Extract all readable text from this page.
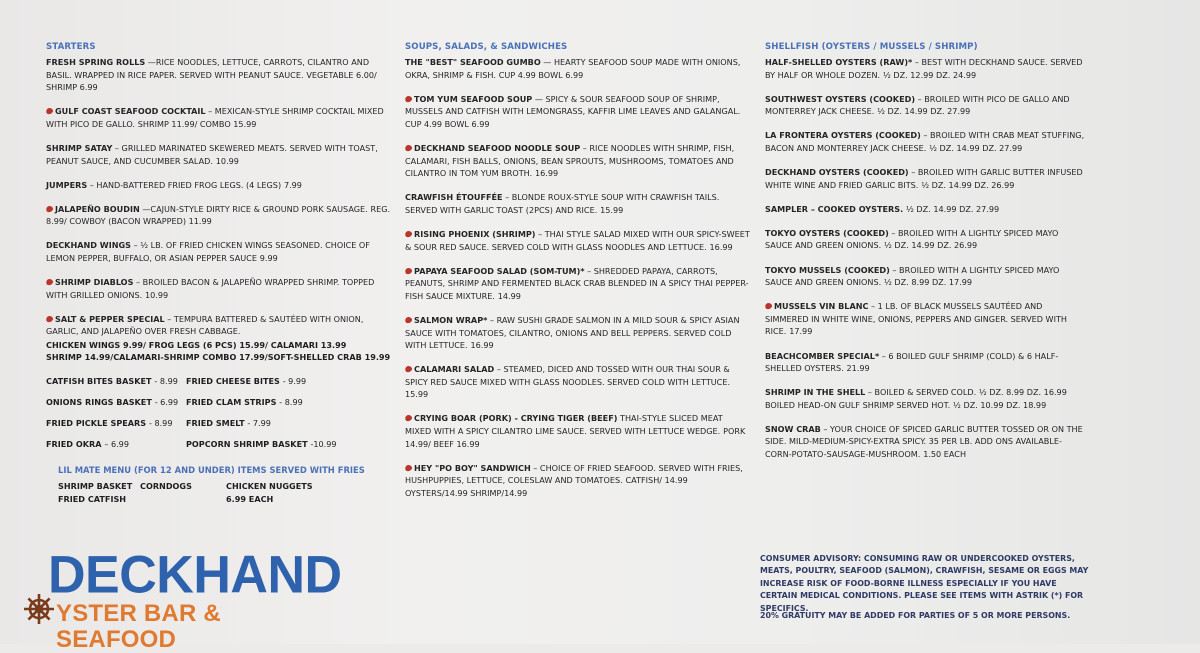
STARTERS
FRESH SPRING ROLLS —RICE NOODLES, LETTUCE, CARROTS, CILANTRO AND BASIL. WRAPPED IN RICE PAPER. SERVED WITH PEANUT SAUCE. VEGETABLE 6.00/ SHRIMP 6.99
GULF COAST SEAFOOD COCKTAIL – MEXICAN-STYLE SHRIMP COCKTAIL MIXED WITH PICO DE GALLO. SHRIMP 11.99/ COMBO 15.99
SHRIMP SATAY – GRILLED MARINATED SKEWERED MEATS. SERVED WITH TOAST, PEANUT SAUCE, AND CUCUMBER SALAD. 10.99
JUMPERS – HAND-BATTERED FRIED FROG LEGS. (4 LEGS) 7.99
JALAPEÑO BOUDIN —CAJUN-STYLE DIRTY RICE & GROUND PORK SAUSAGE. REG. 8.99/ COWBOY (BACON WRAPPED) 11.99
DECKHAND WINGS – ½ LB. OF FRIED CHICKEN WINGS SEASONED. CHOICE OF LEMON PEPPER, BUFFALO, OR ASIAN PEPPER SAUCE 9.99
SHRIMP DIABLOS – BROILED BACON & JALAPEÑO WRAPPED SHRIMP. TOPPED WITH GRILLED ONIONS. 10.99
SALT & PEPPER SPECIAL – TEMPURA BATTERED & SAUTÉED WITH ONION, GARLIC, AND JALAPEÑO OVER FRESH CABBAGE.
CHICKEN WINGS 9.99/ FROG LEGS (6 PCS) 15.99/ CALAMARI 13.99
SHRIMP 14.99/CALAMARI-SHRIMP COMBO 17.99/SOFT-SHELLED CRAB 19.99
CATFISH BITES BASKET - 8.99	FRIED CHEESE BITES - 9.99
ONIONS RINGS BASKET - 6.99 FRIED CLAM STRIPS - 8.99
FRIED PICKLE SPEARS - 8.99	FRIED SMELT - 7.99
FRIED OKRA – 6.99	POPCORN SHRIMP BASKET -10.99
LIL MATE MENU (FOR 12 AND UNDER) ITEMS SERVED WITH FRIES
SHRIMP BASKET CORNDOGS	CHICKEN NUGGETS
FRIED CATFISH	6.99 EACH
SOUPS, SALADS, & SANDWICHES
THE "BEST" SEAFOOD GUMBO — HEARTY SEAFOOD SOUP MADE WITH ONIONS, OKRA, SHRIMP & FISH. CUP 4.99 BOWL 6.99
TOM YUM SEAFOOD SOUP — SPICY & SOUR SEAFOOD SOUP OF SHRIMP, MUSSELS AND CATFISH WITH LEMONGRASS, KAFFIR LIME LEAVES AND GALANGAL. CUP 4.99 BOWL 6.99
DECKHAND SEAFOOD NOODLE SOUP – RICE NOODLES WITH SHRIMP, FISH, CALAMARI, FISH BALLS, ONIONS, BEAN SPROUTS, MUSHROOMS, TOMATOES AND CILANTRO IN TOM YUM BROTH. 16.99
CRAWFISH ÉTOUFFÉE – BLONDE ROUX-STYLE SOUP WITH CRAWFISH TAILS. SERVED WITH GARLIC TOAST (2PCS) AND RICE. 15.99
RISING PHOENIX (SHRIMP) – THAI STYLE SALAD MIXED WITH OUR SPICY-SWEET & SOUR RED SAUCE. SERVED COLD WITH GLASS NOODLES AND LETTUCE. 16.99
PAPAYA SEAFOOD SALAD (SOM-TUM)* – SHREDDED PAPAYA, CARROTS, PEANUTS, SHRIMP AND FERMENTED BLACK CRAB BLENDED IN A SPICY THAI PEPPER-FISH SAUCE MIXTURE. 14.99
SALMON WRAP* – RAW SUSHI GRADE SALMON IN A MILD SOUR & SPICY ASIAN SAUCE WITH TOMATOES, CILANTRO, ONIONS AND BELL PEPPERS. SERVED COLD WITH LETTUCE. 16.99
CALAMARI SALAD – STEAMED, DICED AND TOSSED WITH OUR THAI SOUR & SPICY RED SAUCE MIXED WITH GLASS NOODLES. SERVED COLD WITH LETTUCE. 15.99
CRYING BOAR (PORK) - CRYING TIGER (BEEF) THAI-STYLE SLICED MEAT MIXED WITH A SPICY CILANTRO LIME SAUCE. SERVED WITH LETTUCE WEDGE. PORK 14.99/ BEEF 16.99
HEY "PO BOY" SANDWICH – CHOICE OF FRIED SEAFOOD. SERVED WITH FRIES, HUSHPUPPIES, LETTUCE, COLESLAW AND TOMATOES. CATFISH/ 14.99 OYSTERS/14.99 SHRIMP/14.99
SHELLFISH (OYSTERS / MUSSELS / SHRIMP)
HALF-SHELLED OYSTERS (RAW)* – BEST WITH DECKHAND SAUCE. SERVED BY HALF OR WHOLE DOZEN. ½ DZ. 12.99 DZ. 24.99
SOUTHWEST OYSTERS (COOKED) – BROILED WITH PICO DE GALLO AND MONTERREY JACK CHEESE. ½ DZ. 14.99 DZ. 27.99
LA FRONTERA OYSTERS (COOKED) – BROILED WITH CRAB MEAT STUFFING, BACON AND MONTERREY JACK CHEESE. ½ DZ. 14.99 DZ. 27.99
DECKHAND OYSTERS (COOKED) – BROILED WITH GARLIC BUTTER INFUSED WHITE WINE AND FRIED GARLIC BITS. ½ DZ. 14.99 DZ. 26.99
SAMPLER – COOKED OYSTERS. ½ DZ. 14.99 DZ. 27.99
TOKYO OYSTERS (COOKED) – BROILED WITH A LIGHTLY SPICED MAYO SAUCE AND GREEN ONIONS. ½ DZ. 14.99 DZ. 26.99
TOKYO MUSSELS (COOKED) – BROILED WITH A LIGHTLY SPICED MAYO SAUCE AND GREEN ONIONS. ½ DZ. 8.99 DZ. 17.99
MUSSELS VIN BLANC – 1 LB. OF BLACK MUSSELS SAUTÉED AND SIMMERED IN WHITE WINE, ONIONS, PEPPERS AND GINGER. SERVED WITH RICE. 17.99
BEACHCOMBER SPECIAL* – 6 BOILED GULF SHRIMP (COLD) & 6 HALF-SHELLED OYSTERS. 21.99
SHRIMP IN THE SHELL – BOILED & SERVED COLD. ½ DZ. 8.99 DZ. 16.99 BOILED HEAD-ON GULF SHRIMP SERVED HOT. ½ DZ. 10.99 DZ. 18.99
SNOW CRAB – YOUR CHOICE OF SPICED GARLIC BUTTER TOSSED OR ON THE SIDE. MILD-MEDIUM-SPICY-EXTRA SPICY. 35 PER LB. ADD ONS AVAILABLE- CORN-POTATO-SAUSAGE-MUSHROOM. 1.50 EACH
DECKHAND
YSTER BAR & SEAFOOD
CONSUMER ADVISORY: CONSUMING RAW OR UNDERCOOKED OYSTERS, MEATS, POULTRY, SEAFOOD (SALMON), CRAWFISH, SESAME OR EGGS MAY INCREASE RISK OF FOOD-BORNE ILLNESS ESPECIALLY IF YOU HAVE CERTAIN MEDICAL CONDITIONS. PLEASE SEE ITEMS WITH ASTRIK (*) FOR SPECIFICS.
20% GRATUITY MAY BE ADDED FOR PARTIES OF 5 OR MORE PERSONS.
